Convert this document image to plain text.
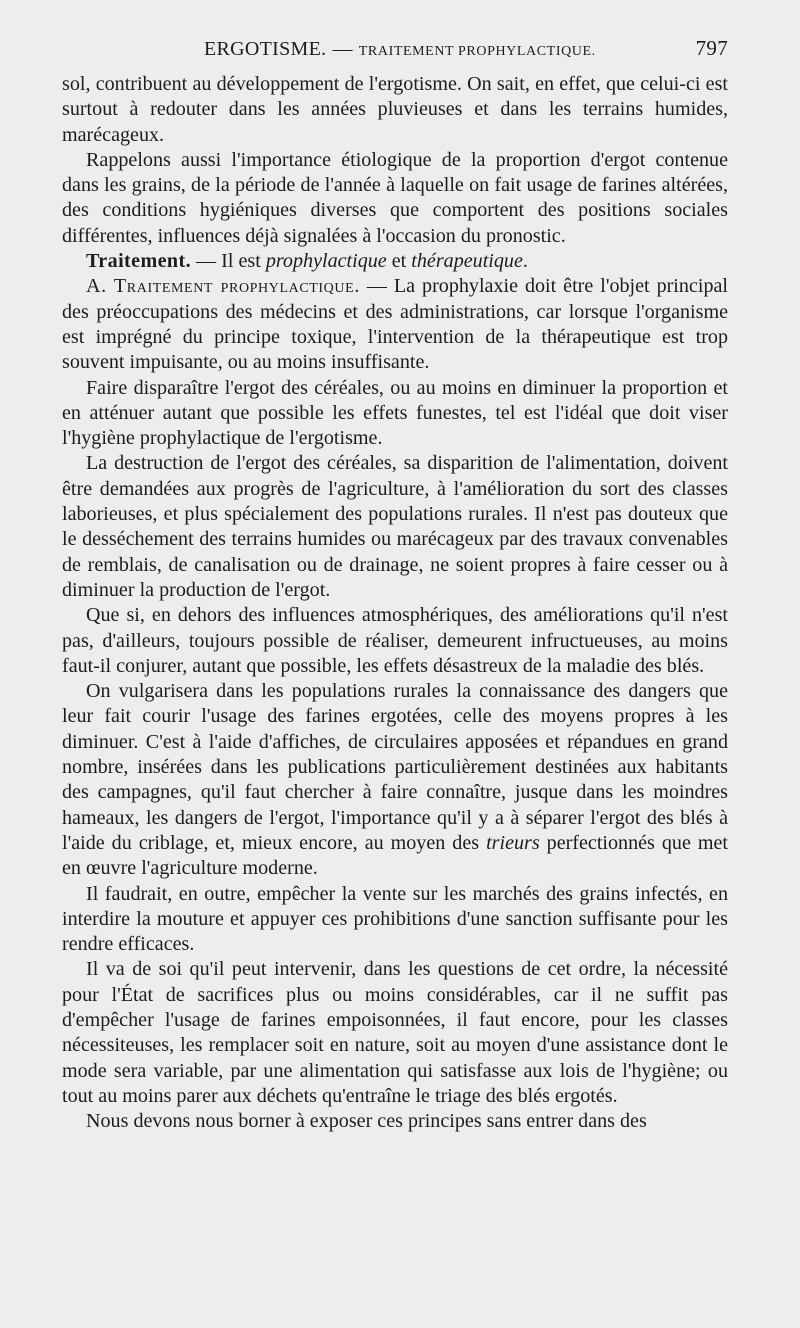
ERGOTISME. — TRAITEMENT PROPHYLACTIQUE.	797

sol, contribuent au développement de l'ergotisme. On sait, en effet, que celui-ci est surtout à redouter dans les années pluvieuses et dans les terrains humides, marécageux.

Rappelons aussi l'importance étiologique de la proportion d'ergot contenue dans les grains, de la période de l'année à laquelle on fait usage de farines altérées, des conditions hygiéniques diverses que comportent des positions sociales différentes, influences déjà signalées à l'occasion du pronostic.

Traitement. — Il est prophylactique et thérapeutique.

A. Traitement prophylactique. — La prophylaxie doit être l'objet principal des préoccupations des médecins et des administrations, car lorsque l'organisme est imprégné du principe toxique, l'intervention de la thérapeutique est trop souvent impuisante, ou au moins insuffisante.

Faire disparaître l'ergot des céréales, ou au moins en diminuer la proportion et en atténuer autant que possible les effets funestes, tel est l'idéal que doit viser l'hygiène prophylactique de l'ergotisme.

La destruction de l'ergot des céréales, sa disparition de l'alimentation, doivent être demandées aux progrès de l'agriculture, à l'amélioration du sort des classes laborieuses, et plus spécialement des populations rurales. Il n'est pas douteux que le desséchement des terrains humides ou marécageux par des travaux convenables de remblais, de canalisation ou de drainage, ne soient propres à faire cesser ou à diminuer la production de l'ergot.

Que si, en dehors des influences atmosphériques, des améliorations qu'il n'est pas, d'ailleurs, toujours possible de réaliser, demeurent infructueuses, au moins faut-il conjurer, autant que possible, les effets désastreux de la maladie des blés.

On vulgarisera dans les populations rurales la connaissance des dangers que leur fait courir l'usage des farines ergotées, celle des moyens propres à les diminuer. C'est à l'aide d'affiches, de circulaires apposées et répandues en grand nombre, insérées dans les publications particulièrement destinées aux habitants des campagnes, qu'il faut chercher à faire connaître, jusque dans les moindres hameaux, les dangers de l'ergot, l'importance qu'il y a à séparer l'ergot des blés à l'aide du criblage, et, mieux encore, au moyen des trieurs perfectionnés que met en œuvre l'agriculture moderne.

Il faudrait, en outre, empêcher la vente sur les marchés des grains infectés, en interdire la mouture et appuyer ces prohibitions d'une sanction suffisante pour les rendre efficaces.

Il va de soi qu'il peut intervenir, dans les questions de cet ordre, la nécessité pour l'État de sacrifices plus ou moins considérables, car il ne suffit pas d'empêcher l'usage de farines empoisonnées, il faut encore, pour les classes nécessiteuses, les remplacer soit en nature, soit au moyen d'une assistance dont le mode sera variable, par une alimentation qui satisfasse aux lois de l'hygiène; ou tout au moins parer aux déchets qu'entraîne le triage des blés ergotés.

Nous devons nous borner à exposer ces principes sans entrer dans des
